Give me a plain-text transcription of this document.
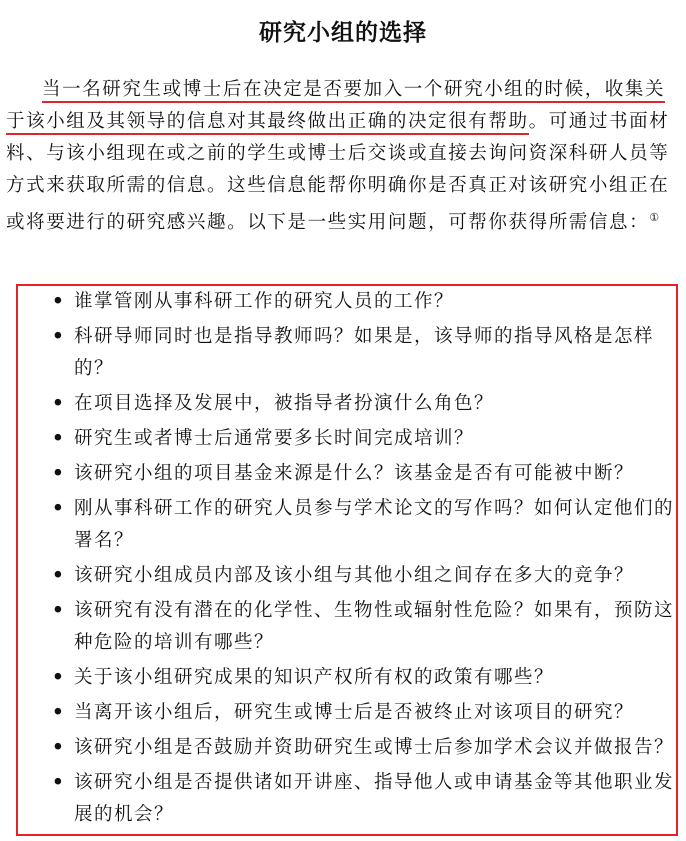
研究小组的选择
当一名研究生或博士后在决定是否要加入一个研究小组的时候，收集关于该小组及其领导的信息对其最终做出正确的决定很有帮助。可通过书面材料、与该小组现在或之前的学生或博士后交谈或直接去询问资深科研人员等方式来获取所需的信息。这些信息能帮你明确你是否真正对该研究小组正在或将要进行的研究感兴趣。以下是一些实用问题，可帮你获得所需信息：①
• 谁掌管刚从事科研工作的研究人员的工作？
• 科研导师同时也是指导教师吗？如果是，该导师的指导风格是怎样的？
• 在项目选择及发展中，被指导者扮演什么角色？
• 研究生或者博士后通常要多长时间完成培训？
• 该研究小组的项目基金来源是什么？该基金是否有可能被中断？
• 刚从事科研工作的研究人员参与学术论文的写作吗？如何认定他们的署名？
• 该研究小组成员内部及该小组与其他小组之间存在多大的竞争？
• 该研究有没有潜在的化学性、生物性或辐射性危险？如果有，预防这种危险的培训有哪些？
• 关于该小组研究成果的知识产权所有权的政策有哪些？
• 当离开该小组后，研究生或博士后是否被终止对该项目的研究？
• 该研究小组是否鼓励并资助研究生或博士后参加学术会议并做报告？
• 该研究小组是否提供诸如开讲座、指导他人或申请基金等其他职业发展的机会？
